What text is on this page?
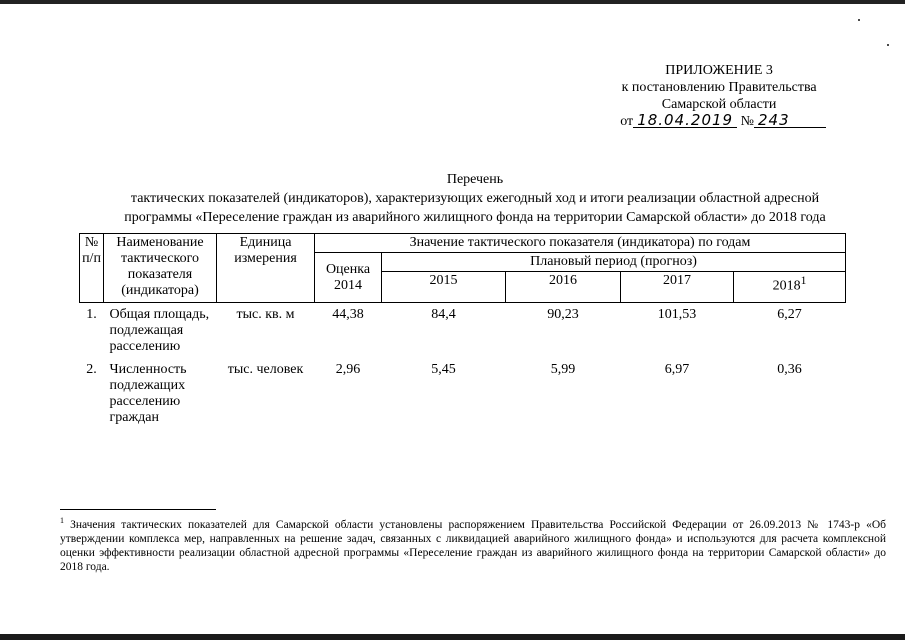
ПРИЛОЖЕНИЕ 3
к постановлению Правительства
Самарской области
от 18.04.2019 № 243
Перечень
тактических показателей (индикаторов), характеризующих ежегодный ход и итоги реализации областной адресной
программы «Переселение граждан из аварийного жилищного фонда на территории Самарской области» до 2018 года
№ п/п	Наименование тактического показателя (индикатора)	Единица измерения	Значение тактического показателя (индикатора) по годам				
			Оценка 2014	Плановый период (прогноз)			
				2015	2016	2017	2018$^1$
1.	Общая площадь, подлежащая расселению	тыс. кв. м	44,38	84,4	90,23	101,53	6,27
2.	Численность подлежащих расселению граждан	тыс. человек	2,96	5,45	5,99	6,97	0,36
$^1$ Значения тактических показателей для Самарской области установлены распоряжением Правительства Российской Федерации от 26.09.2013 № 1743-р «Об утверждении комплекса мер, направленных на решение задач, связанных с ликвидацией аварийного жилищного фонда» и используются для расчета комплексной оценки эффективности реализации областной адресной программы «Переселение граждан из аварийного жилищного фонда на территории Самарской области» до 2018 года.
